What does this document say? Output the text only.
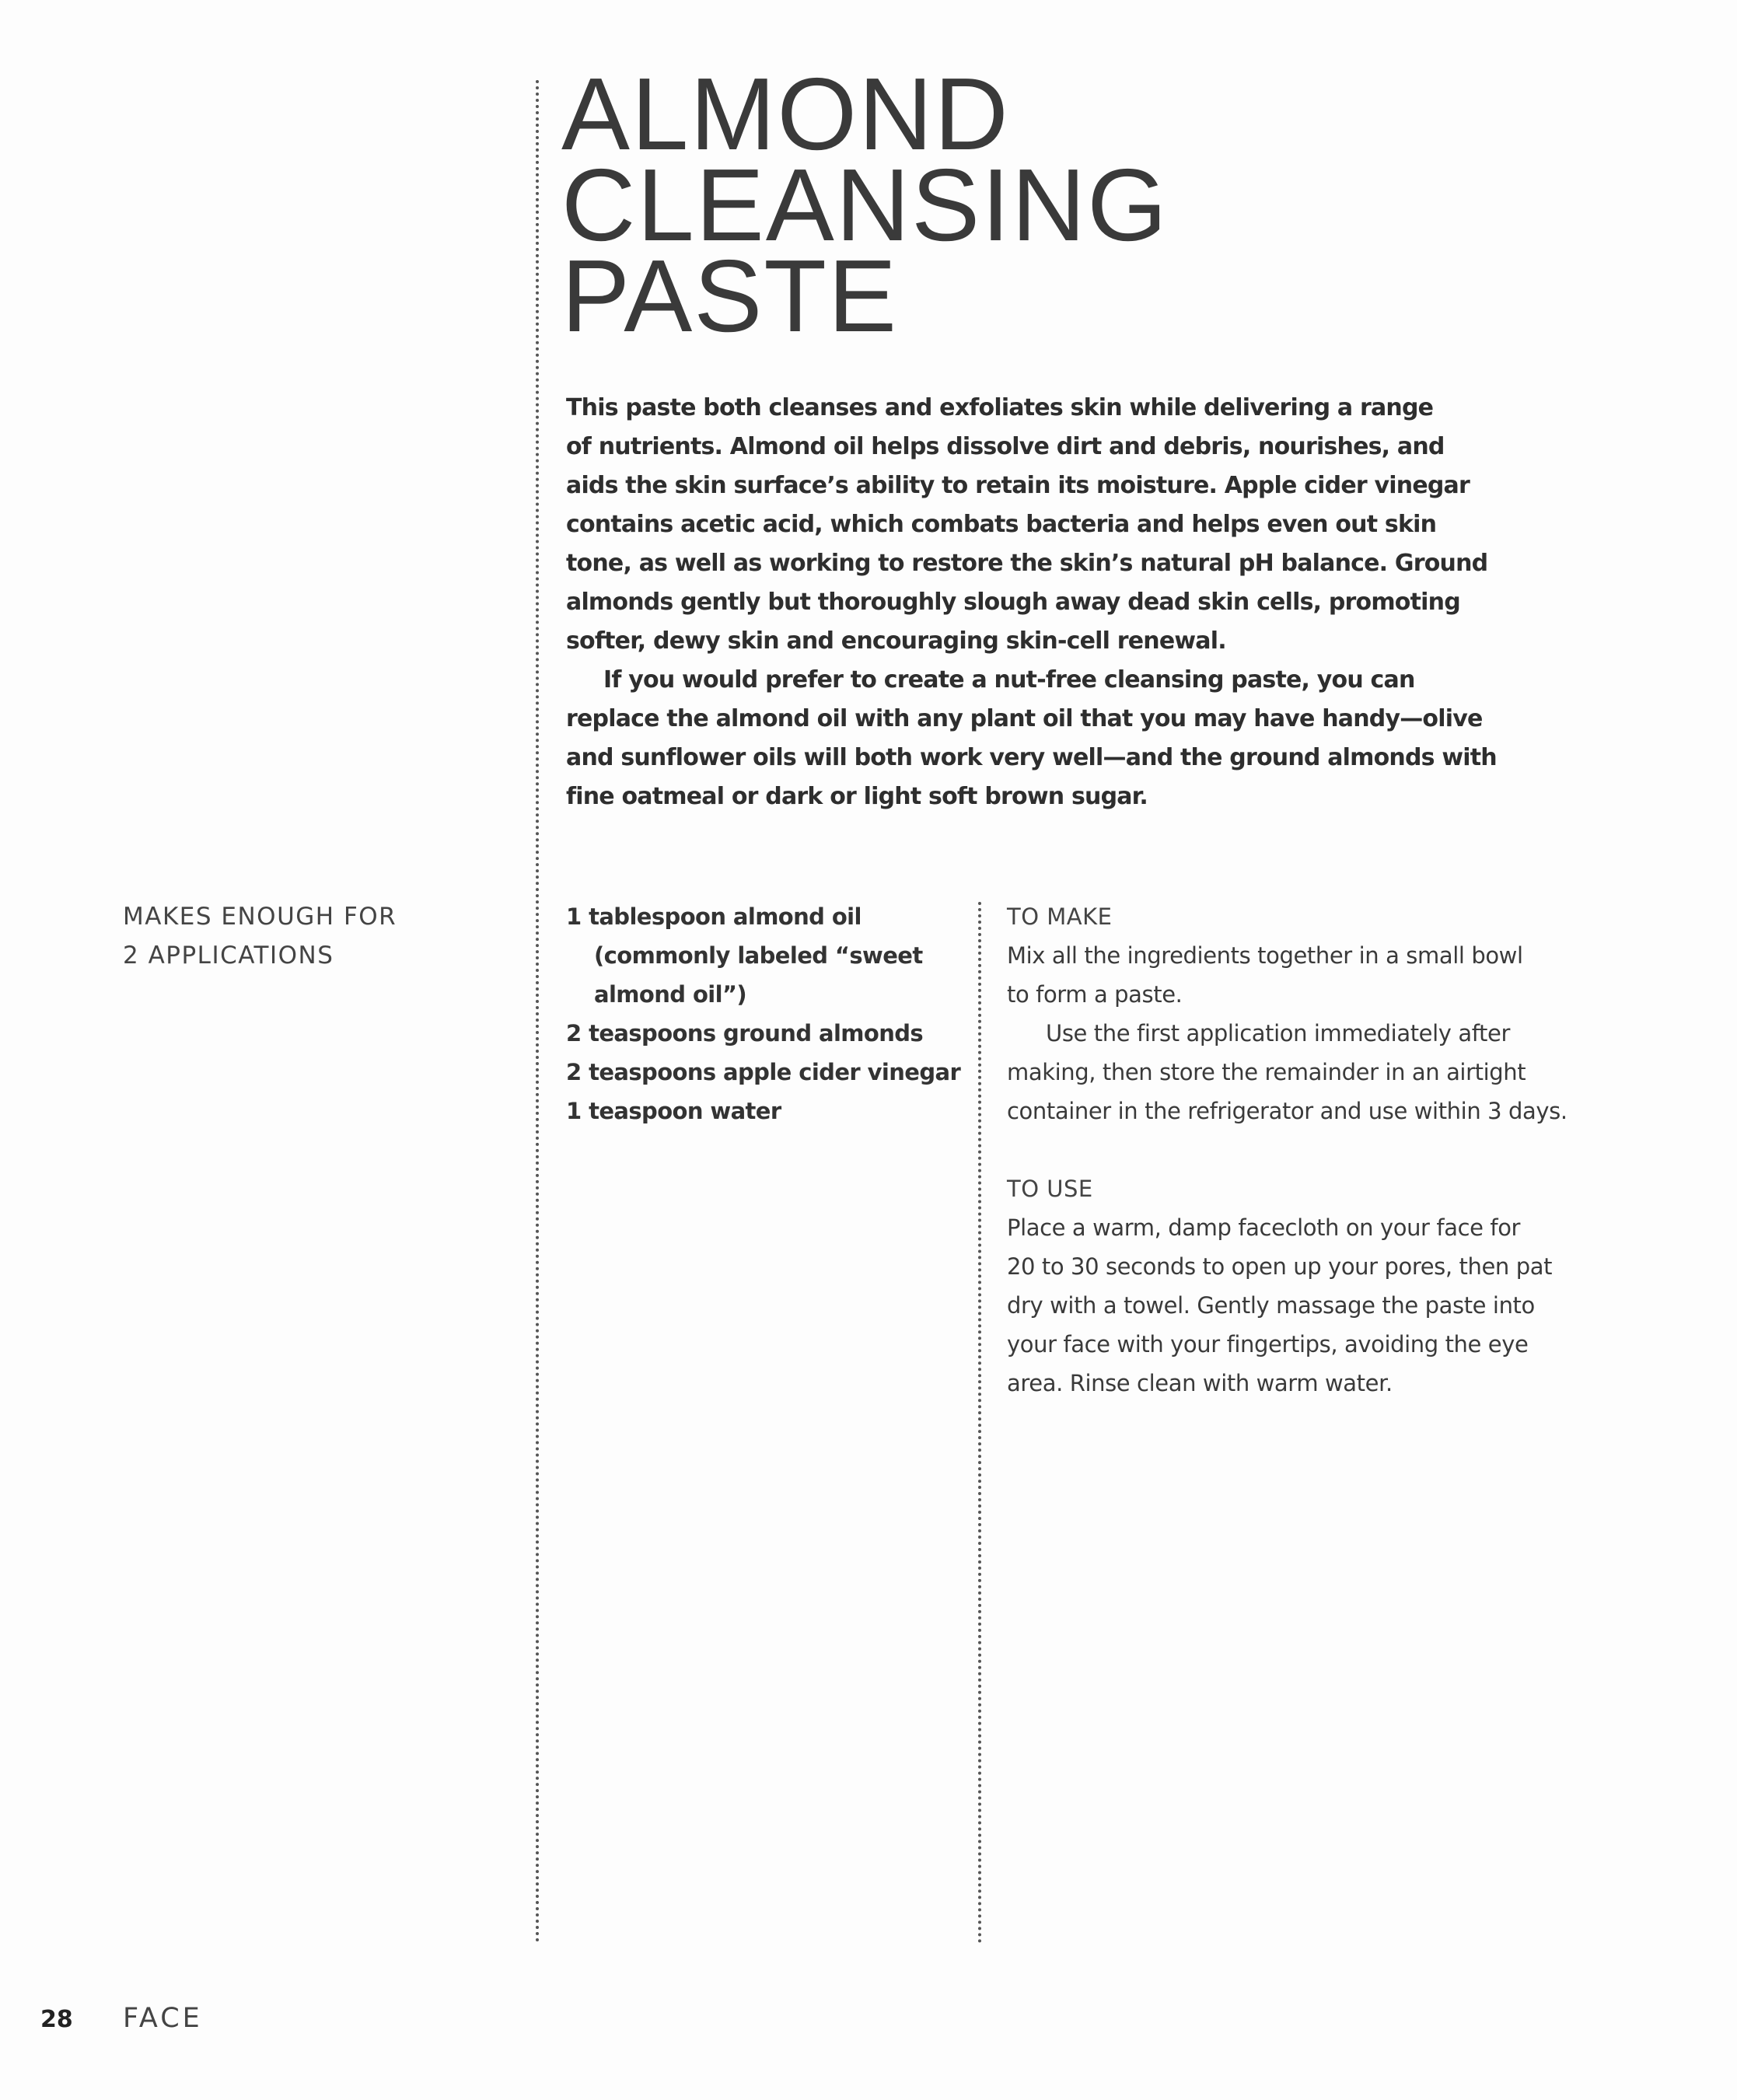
ALMOND
CLEANSING
PASTE
This paste both cleanses and exfoliates skin while delivering a range
of nutrients. Almond oil helps dissolve dirt and debris, nourishes, and
aids the skin surface’s ability to retain its moisture. Apple cider vinegar
contains acetic acid, which combats bacteria and helps even out skin
tone, as well as working to restore the skin’s natural pH balance. Ground
almonds gently but thoroughly slough away dead skin cells, promoting
softer, dewy skin and encouraging skin-cell renewal.
If you would prefer to create a nut-free cleansing paste, you can
replace the almond oil with any plant oil that you may have handy—olive
and sunflower oils will both work very well—and the ground almonds with
fine oatmeal or dark or light soft brown sugar.
MAKES ENOUGH FOR
2 APPLICATIONS
1 tablespoon almond oil
(commonly labeled “sweet
almond oil”)
2 teaspoons ground almonds
2 teaspoons apple cider vinegar
1 teaspoon water
TO MAKE
Mix all the ingredients together in a small bowl
to form a paste.
Use the first application immediately after
making, then store the remainder in an airtight
container in the refrigerator and use within 3 days.
TO USE
Place a warm, damp facecloth on your face for
20 to 30 seconds to open up your pores, then pat
dry with a towel. Gently massage the paste into
your face with your fingertips, avoiding the eye
area. Rinse clean with warm water.
28 FACE
